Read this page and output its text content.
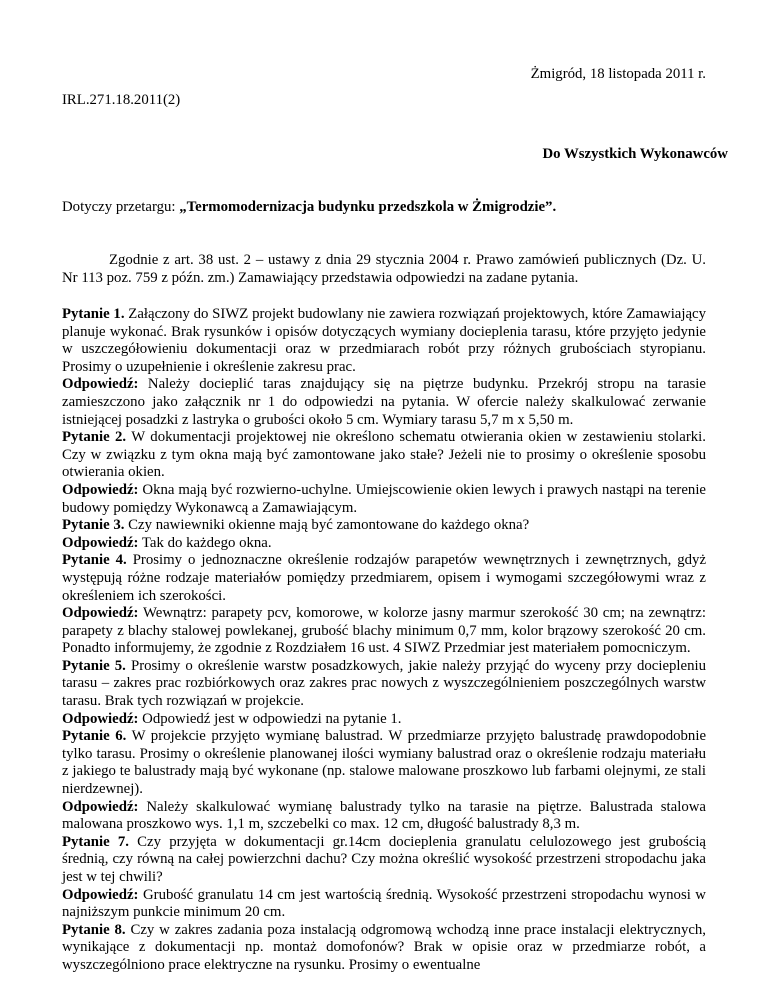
Żmigród, 18 listopada 2011 r.
IRL.271.18.2011(2)
Do Wszystkich Wykonawców
Dotyczy przetargu: „Termomodernizacja budynku przedszkola w Żmigrodzie”.
Zgodnie z art. 38 ust. 2 – ustawy z dnia 29 stycznia 2004 r. Prawo zamówień publicznych (Dz. U. Nr 113 poz. 759 z późn. zm.) Zamawiający przedstawia odpowiedzi na zadane pytania.

Pytanie 1. Załączony do SIWZ projekt budowlany nie zawiera rozwiązań projektowych, które Zamawiający planuje wykonać. Brak rysunków i opisów dotyczących wymiany docieplenia tarasu, które przyjęto jedynie w uszczegółowieniu dokumentacji oraz w przedmiarach robót przy różnych grubościach styropianu. Prosimy o uzupełnienie i określenie zakresu prac.

Odpowiedź: Należy docieplić taras znajdujący się na piętrze budynku. Przekrój stropu na tarasie zamieszczono jako załącznik nr 1 do odpowiedzi na pytania. W ofercie należy skalkulować zerwanie istniejącej posadzki z lastryka o grubości około 5 cm. Wymiary tarasu 5,7 m x 5,50 m.

Pytanie 2. W dokumentacji projektowej nie określono schematu otwierania okien w zestawieniu stolarki. Czy w związku z tym okna mają być zamontowane jako stałe? Jeżeli nie to prosimy o określenie sposobu otwierania okien.

Odpowiedź: Okna mają być rozwierno-uchylne. Umiejscowienie okien lewych i prawych nastąpi na terenie budowy pomiędzy Wykonawcą a Zamawiającym.

Pytanie 3. Czy nawiewniki okienne mają być zamontowane do każdego okna?

Odpowiedź: Tak do każdego okna.

Pytanie 4. Prosimy o jednoznaczne określenie rodzajów parapetów wewnętrznych i zewnętrznych, gdyż występują różne rodzaje materiałów pomiędzy przedmiarem, opisem i wymogami szczegółowymi wraz z określeniem ich szerokości.

Odpowiedź: Wewnątrz: parapety pcv, komorowe, w kolorze jasny marmur szerokość 30 cm; na zewnątrz: parapety z blachy stalowej powlekanej, grubość blachy minimum 0,7 mm, kolor brązowy szerokość 20 cm. Ponadto informujemy, że zgodnie z Rozdziałem 16 ust. 4 SIWZ Przedmiar jest materiałem pomocniczym.

Pytanie 5. Prosimy o określenie warstw posadzkowych, jakie należy przyjąć do wyceny przy dociepleniu tarasu – zakres prac rozbiórkowych oraz zakres prac nowych z wyszczególnieniem poszczególnych warstw tarasu. Brak tych rozwiązań w projekcie.

Odpowiedź: Odpowiedź jest w odpowiedzi na pytanie 1.

Pytanie 6. W projekcie przyjęto wymianę balustrad. W przedmiarze przyjęto balustradę prawdopodobnie tylko tarasu. Prosimy o określenie planowanej ilości wymiany balustrad oraz o określenie rodzaju materiału z jakiego te balustrady mają być wykonane (np. stalowe malowane proszkowo lub farbami olejnymi, ze stali nierdzewnej).

Odpowiedź: Należy skalkulować wymianę balustrady tylko na tarasie na piętrze. Balustrada stalowa malowana proszkowo wys. 1,1 m, szczebelki co max. 12 cm, długość balustrady 8,3 m.

Pytanie 7. Czy przyjęta w dokumentacji gr.14cm docieplenia granulatu celulozowego jest grubością średnią, czy równą na całej powierzchni dachu? Czy można określić wysokość przestrzeni stropodachu jaka jest w tej chwili?

Odpowiedź: Grubość granulatu 14 cm jest wartością średnią. Wysokość przestrzeni stropodachu wynosi w najniższym punkcie minimum 20 cm.

Pytanie 8. Czy w zakres zadania poza instalacją odgromową wchodzą inne prace instalacji elektrycznych, wynikające z dokumentacji np. montaż domofonów? Brak w opisie oraz w przedmiarze robót, a wyszczególniono prace elektryczne na rysunku. Prosimy o ewentualne
